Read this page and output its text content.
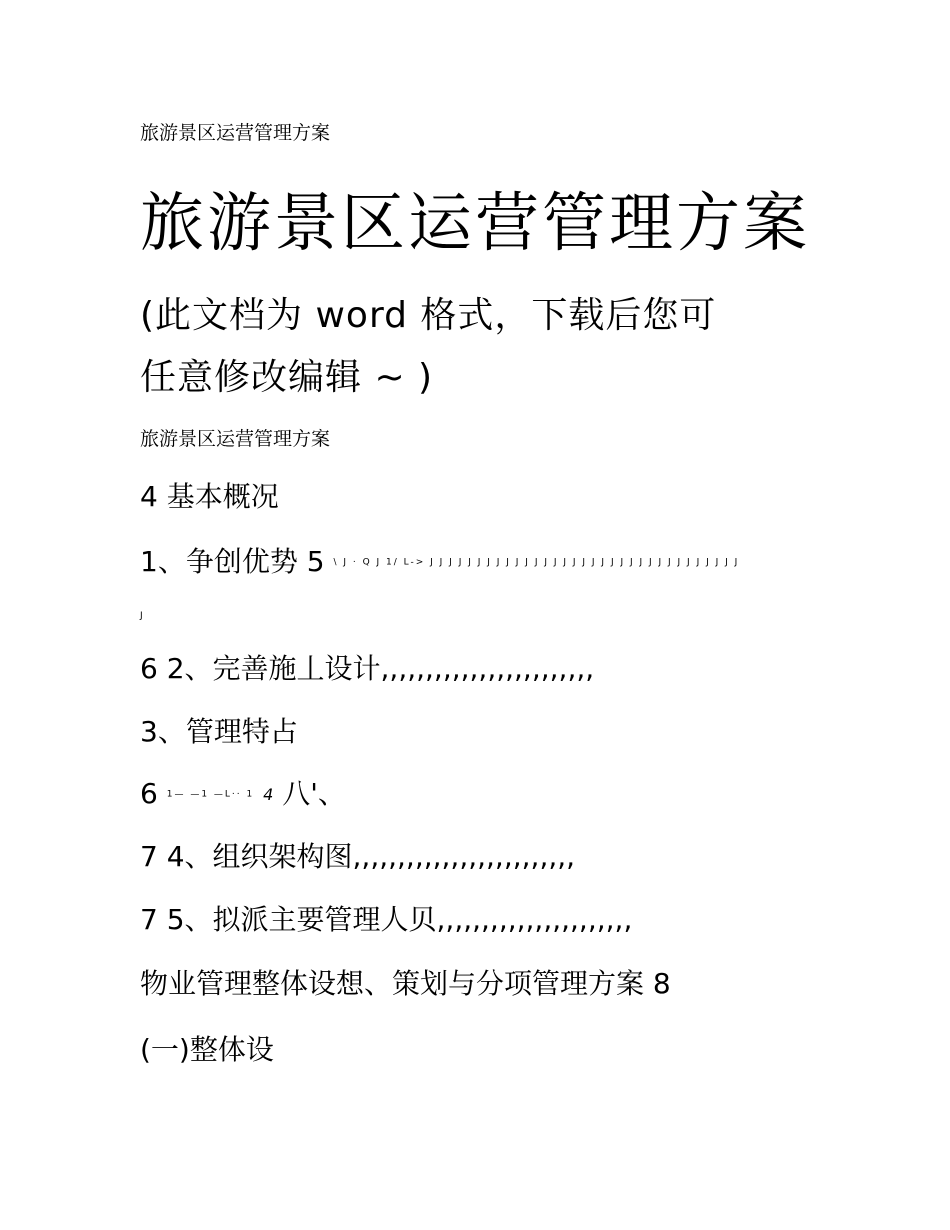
旅游景区运营管理方案
旅游景区运营管理方案
(此文档为 word 格式，下载后您可
任意修改编辑 ~ )
旅游景区运营管理方案
4 基本概况
1、争创优势 5 \ J · Q J 1/ L-> J J J J J J J J J J J J J J J J J J J J J J J J J J J J J J J J J
J
6 2、完善施丄设计,,,,,,,,,,,,,,,,,,,,,,,,
3、管理特占
6 1— —1 —L·· 1 4 八'、
7 4、组织架构图,,,,,,,,,,,,,,,,,,,,,,,,,
7 5、拟派主要管理人贝,,,,,,,,,,,,,,,,,,,,,,
物业管理整体设想、策划与分项管理方案 8
(一)整体设
